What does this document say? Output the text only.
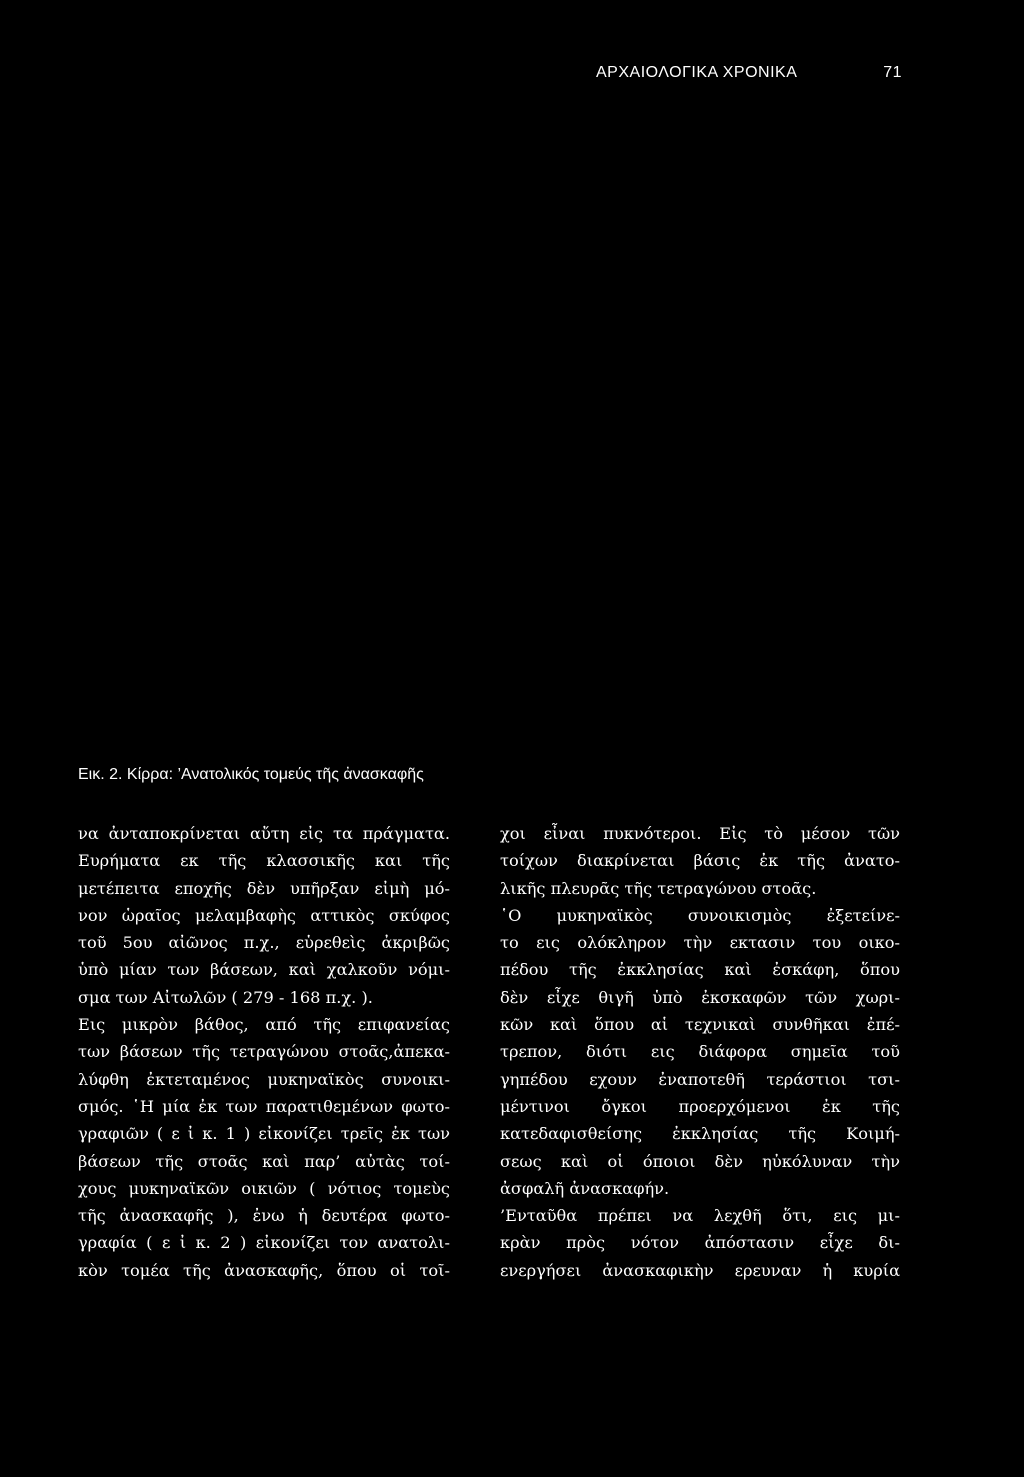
ΑΡΧΑΙΟΛΟΓΙΚΑ ΧΡΟΝΙΚΑ	71
Εικ. 2. Κίρρα: ’Ανατολικός τομεύς τῆς ἀνασκαφῆς
να ἀνταποκρίνεται αὔτη εἰς τα πράγματα.
Ευρήματα εκ τῆς κλασσικῆς και τῆς
μετέπειτα εποχῆς δὲν υπῆρξαν εἰμὴ μό-
νον ὡραῖος μελαμβαφὴς αττικὸς σκύφος
τοῦ 5ου αἰῶνος π.χ., εὑρεθεὶς ἀκριβῶς
ὑπὸ μίαν των βάσεων, καὶ χαλκοῦν νόμι-
σμα των Αἰτωλῶν ( 279 - 168 π.χ. ).
Εις μικρὸν βάθος, από τῆς επιφανείας
των βάσεων τῆς τετραγώνου στοᾶς,ἀπεκα-
λύφθη ἐκτεταμένος μυκηναϊκὸς συνοικι-
σμός. ῾Η μία ἐκ των παρατιθεμένων φωτο-
γραφιῶν ( ε ἰ κ. 1 ) εἰκονίζει τρεῖς ἐκ των
βάσεων τῆς στοᾶς καὶ παρ’ αὐτὰς τοί-
χους μυκηναϊκῶν οικιῶν ( νότιος τομεὺς
τῆς ἀνασκαφῆς ), ἐνω ἡ δευτέρα φωτο-
γραφία ( ε ἰ κ. 2 ) εἰκονίζει τον ανατολι-
κὸν τομέα τῆς ἀνασκαφῆς, ὅπου οἱ τοῖ-
χοι εἶναι πυκνότεροι. Εἰς τὸ μέσον τῶν
τοίχων διακρίνεται βάσις ἐκ τῆς ἀνατο-
λικῆς πλευρᾶς τῆς τετραγώνου στοᾶς.
῾Ο μυκηναϊκὸς συνοικισμὸς ἐξετείνε-
το εις ολόκληρον τὴν εκτασιν του οικο-
πέδου τῆς ἐκκλησίας καὶ ἐσκάφη, ὅπου
δὲν εἶχε θιγῆ ὑπὸ ἐκσκαφῶν τῶν χωρι-
κῶν καὶ ὅπου αἱ τεχνικαὶ συνθῆκαι ἐπέ-
τρεπον, διότι εις διάφορα σημεῖα τοῦ
γηπέδου εχουν ἐναποτεθῆ τεράστιοι τσι-
μέντινοι ὄγκοι προερχόμενοι ἐκ τῆς
κατεδαφισθείσης ἐκκλησίας τῆς Κοιμή-
σεως καὶ οἱ όποιοι δὲν ηὐκόλυναν τὴν
ἀσφαλῆ ἀνασκαφήν.
’Ενταῦθα πρέπει να λεχθῆ ὅτι, εις μι-
κρὰν πρὸς νότον ἀπόστασιν εἶχε δι-
ενεργήσει ἀνασκαφικὴν ερευναν ἡ κυρία
